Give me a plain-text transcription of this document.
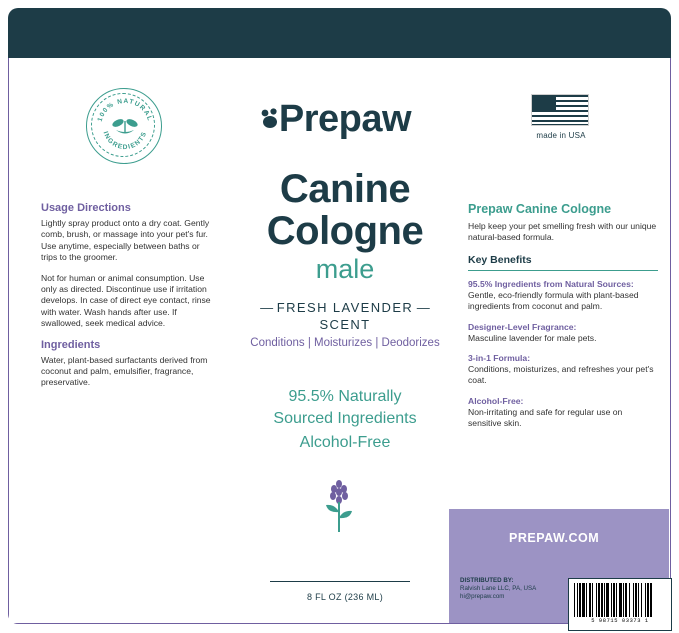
100% NATURAL
INGREDIENTS	Prepaw	made in USA
Canine
Cologne
male
— FRESH LAVENDER —
SCENT
Conditions | Moisturizes | Deodorizes
95.5% Naturally
Sourced Ingredients
Alcohol-Free
Usage Directions
Lightly spray product onto a dry coat. Gently comb, brush, or massage into your pet's fur. Use anytime, especially between baths or trips to the groomer.
Not for human or animal consumption. Use only as directed. Discontinue use if irritation develops. In case of direct eye contact, rinse with water. Wash hands after use. If swallowed, seek medical advice.
Ingredients
Water, plant-based surfactants derived from coconut and palm, emulsifier, fragrance, preservative.
Prepaw Canine Cologne
Help keep your pet smelling fresh with our unique natural-based formula.
Key Benefits
95.5% Ingredients from Natural Sources:
Gentle, eco-friendly formula with plant-based ingredients from coconut and palm.
Designer-Level Fragrance:
Masculine lavender for male pets.
3-in-1 Formula:
Conditions, moisturizes, and refreshes your pet's coat.
Alcohol-Free:
Non-irritating and safe for regular use on sensitive skin.
PREPAW.COM
8 FL OZ (236 ML)
DISTRIBUTED BY:
Ralvish Lane LLC, PA, USA
hi@prepaw.com
5 98715 03373 1
